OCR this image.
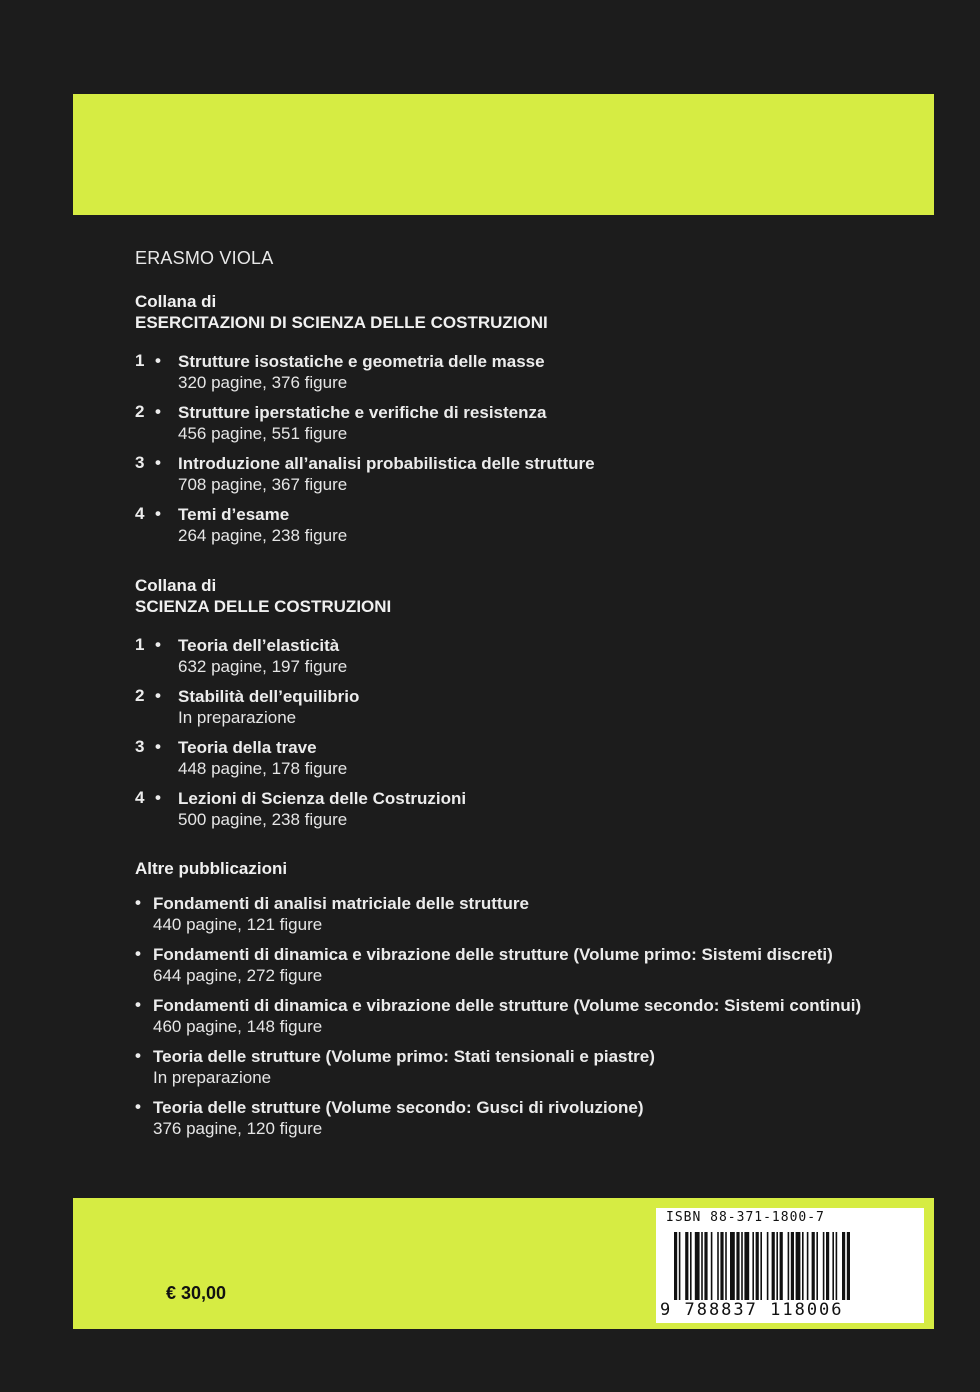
ERASMO VIOLA
Collana di
ESERCITAZIONI DI SCIENZA DELLE COSTRUZIONI
1 • Strutture isostatiche e geometria delle masse
320 pagine, 376 figure
2 • Strutture iperstatiche e verifiche di resistenza
456 pagine, 551 figure
3 • Introduzione all’analisi probabilistica delle strutture
708 pagine, 367 figure
4 • Temi d’esame
264 pagine, 238 figure
Collana di
SCIENZA DELLE COSTRUZIONI
1 • Teoria dell’elasticità
632 pagine, 197 figure
2 • Stabilità dell’equilibrio
In preparazione
3 • Teoria della trave
448 pagine, 178 figure
4 • Lezioni di Scienza delle Costruzioni
500 pagine, 238 figure
Altre pubblicazioni
• Fondamenti di analisi matriciale delle strutture
440 pagine, 121 figure
• Fondamenti di dinamica e vibrazione delle strutture (Volume primo: Sistemi discreti)
644 pagine, 272 figure
• Fondamenti di dinamica e vibrazione delle strutture (Volume secondo: Sistemi continui)
460 pagine, 148 figure
• Teoria delle strutture (Volume primo: Stati tensionali e piastre)
In preparazione
• Teoria delle strutture (Volume secondo: Gusci di rivoluzione)
376 pagine, 120 figure
€ 30,00
ISBN 88-371-1800-7
9 788837 118006
